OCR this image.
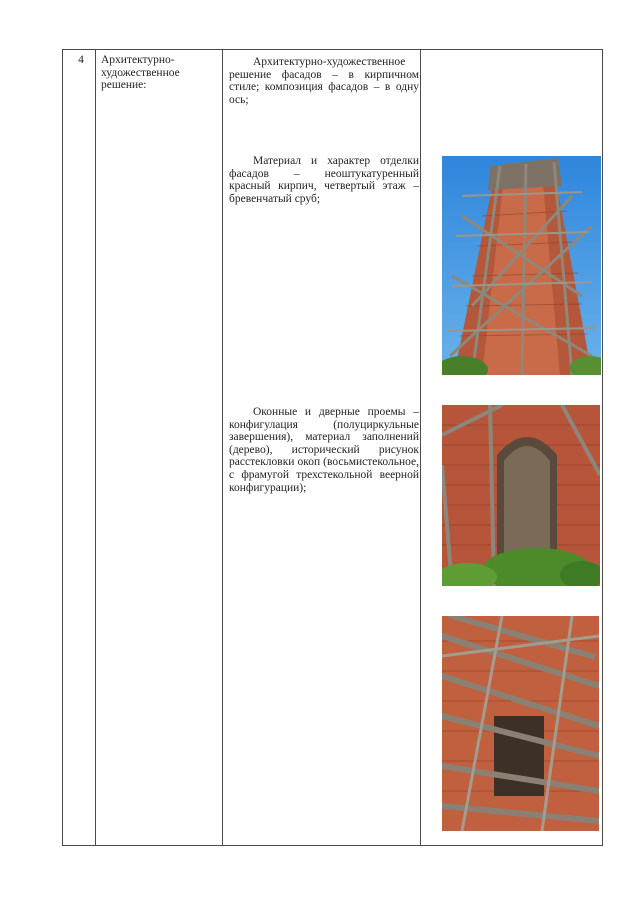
4	Архитектурно-художественное решение:
Архитектурно-художественное решение фасадов – в кирпичном стиле; композиция фасадов – в одну ось;
Материал и характер отделки фасадов – неоштукатуренный красный кирпич, четвертый этаж – бревенчатый сруб;
Оконные и дверные проемы –конфигулация (полуциркульные завершения), материал заполнений (дерево), исторический рисунок расстекловки окоп (восьмистекольное, с фрамугой трехстекольной веерной конфигурации);
